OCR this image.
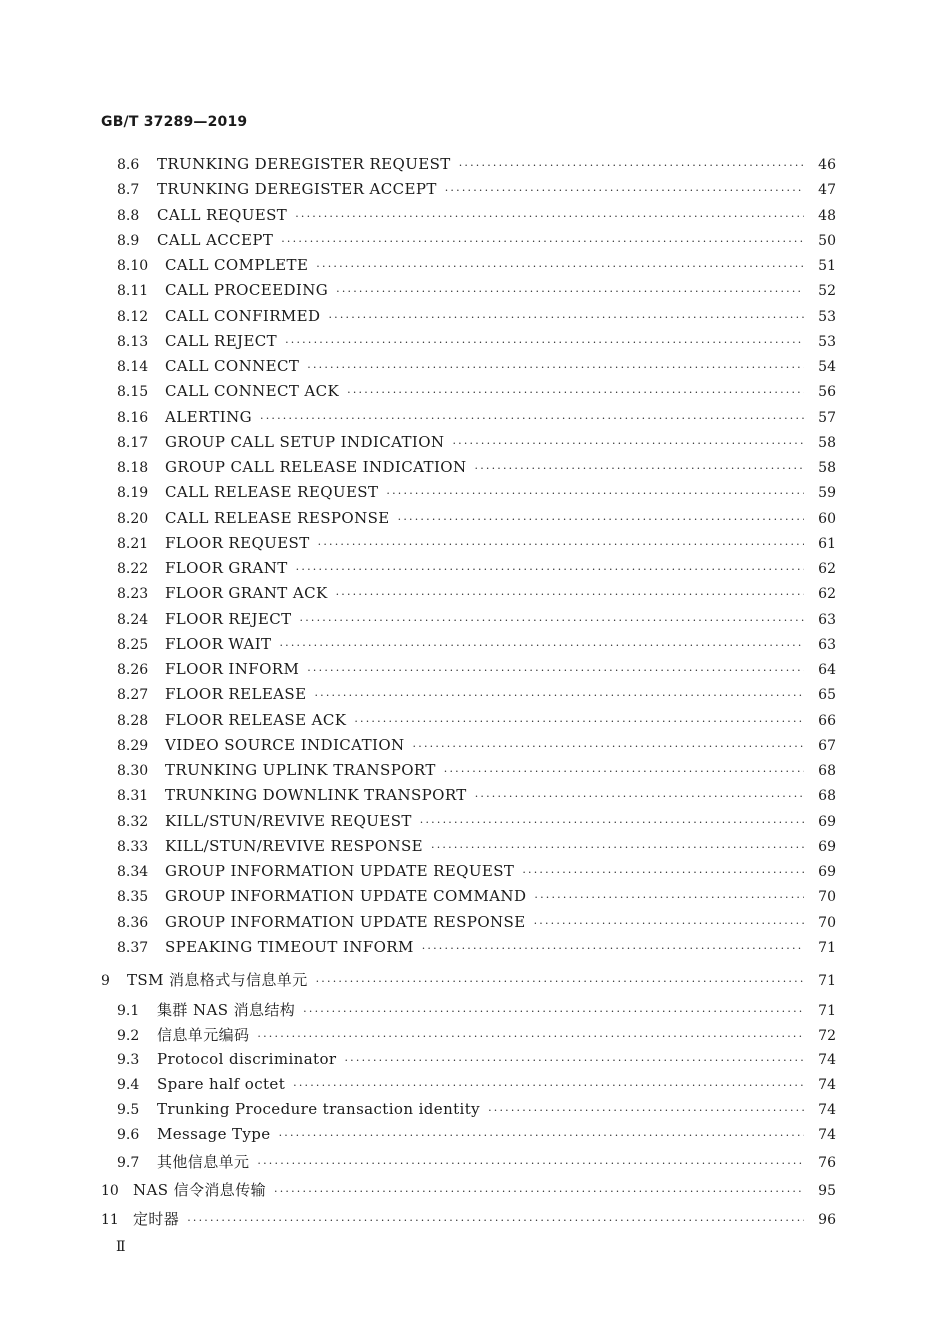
GB/T 37289—2019
8.6	TRUNKING DEREGISTER REQUEST ·····	46
8.7	TRUNKING DEREGISTER ACCEPT ·····	47
8.8	CALL REQUEST ·····	48
8.9	CALL ACCEPT ·····	50
8.10	CALL COMPLETE ·····	51
8.11	CALL PROCEEDING ·····	52
8.12	CALL CONFIRMED ·····	53
8.13	CALL REJECT ·····	53
8.14	CALL CONNECT ·····	54
8.15	CALL CONNECT ACK ·····	56
8.16	ALERTING ·····	57
8.17	GROUP CALL SETUP INDICATION ·····	58
8.18	GROUP CALL RELEASE INDICATION ·····	58
8.19	CALL RELEASE REQUEST ·····	59
8.20	CALL RELEASE RESPONSE ·····	60
8.21	FLOOR REQUEST ·····	61
8.22	FLOOR GRANT ·····	62
8.23	FLOOR GRANT ACK ·····	62
8.24	FLOOR REJECT ·····	63
8.25	FLOOR WAIT ·····	63
8.26	FLOOR INFORM ·····	64
8.27	FLOOR RELEASE ·····	65
8.28	FLOOR RELEASE ACK ·····	66
8.29	VIDEO SOURCE INDICATION ·····	67
8.30	TRUNKING UPLINK TRANSPORT ·····	68
8.31	TRUNKING DOWNLINK TRANSPORT ·····	68
8.32	KILL/STUN/REVIVE REQUEST ·····	69
8.33	KILL/STUN/REVIVE RESPONSE ·····	69
8.34	GROUP INFORMATION UPDATE REQUEST ·····	69
8.35	GROUP INFORMATION UPDATE COMMAND ·····	70
8.36	GROUP INFORMATION UPDATE RESPONSE ·····	70
8.37	SPEAKING TIMEOUT INFORM ·····	71
9	TSM 消息格式与信息单元 ·····	71
9.1	集群 NAS 消息结构 ·····	71
9.2	信息单元编码 ·····	72
9.3	Protocol discriminator ·····	74
9.4	Spare half octet ·····	74
9.5	Trunking Procedure transaction identity ·····	74
9.6	Message Type ·····	74
9.7	其他信息单元 ·····	76
10 NAS 信令消息传输 ·····	95
11 定时器 ·····	96
Ⅱ
